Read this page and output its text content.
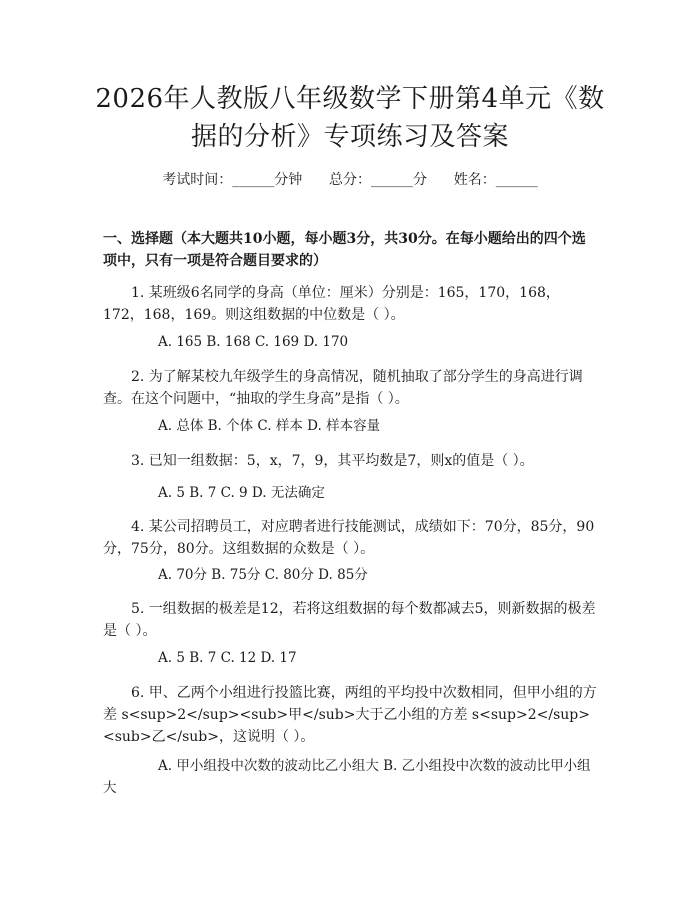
2026年人教版八年级数学下册第4单元《数据的分析》专项练习及答案
考试时间：______分钟      总分：______分      姓名：______
一、选择题（本大题共10小题，每小题3分，共30分。在每小题给出的四个选项中，只有一项是符合题目要求的）
1. 某班级6名同学的身高（单位：厘米）分别是：165，170，168，172，168，169。则这组数据的中位数是（ ）。
A. 165 B. 168 C. 169 D. 170
2. 为了解某校九年级学生的身高情况，随机抽取了部分学生的身高进行调查。在这个问题中，“抽取的学生身高”是指（ ）。
A. 总体 B. 个体 C. 样本 D. 样本容量
3. 已知一组数据：5，x，7，9，其平均数是7，则x的值是（ ）。
A. 5 B. 7 C. 9 D. 无法确定
4. 某公司招聘员工，对应聘者进行技能测试，成绩如下：70分，85分，90分，75分，80分。这组数据的众数是（ ）。
A. 70分 B. 75分 C. 80分 D. 85分
5. 一组数据的极差是12，若将这组数据的每个数都减去5，则新数据的极差是（ ）。
A. 5 B. 7 C. 12 D. 17
6. 甲、乙两个小组进行投篮比赛，两组的平均投中次数相同，但甲小组的方差 s<sup>2</sup><sub>甲</sub>大于乙小组的方差 s<sup>2</sup><sub>乙</sub>，这说明（ ）。
A. 甲小组投中次数的波动比乙小组大 B. 乙小组投中次数的波动比甲小组大
